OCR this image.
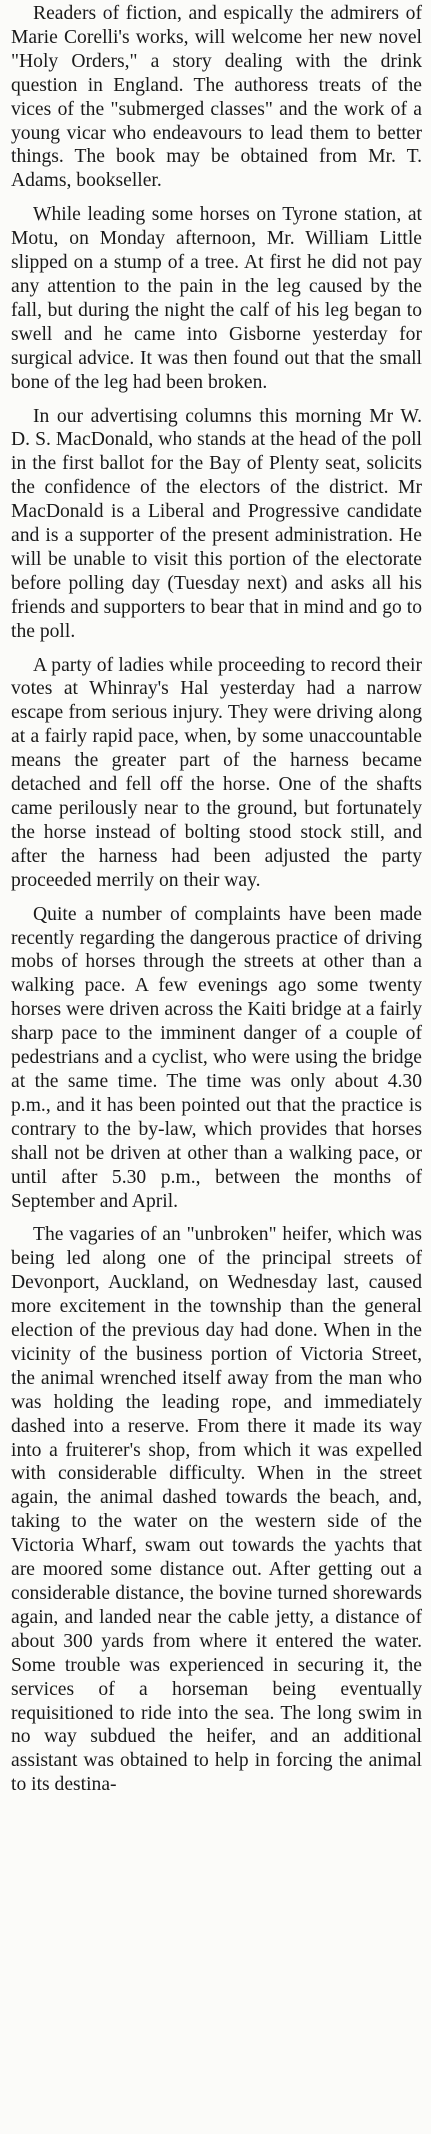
Readers of fiction, and espically the admirers of Marie Corelli's works, will welcome her new novel "Holy Orders," a story dealing with the drink question in England. The authoress treats of the vices of the "submerged classes" and the work of a young vicar who endeavours to lead them to better things. The book may be obtained from Mr. T. Adams, bookseller.

While leading some horses on Tyrone station, at Motu, on Monday afternoon, Mr. William Little slipped on a stump of a tree. At first he did not pay any attention to the pain in the leg caused by the fall, but during the night the calf of his leg began to swell and he came into Gisborne yesterday for surgical advice. It was then found out that the small bone of the leg had been broken.

In our advertising columns this morning Mr W. D. S. MacDonald, who stands at the head of the poll in the first ballot for the Bay of Plenty seat, solicits the confidence of the electors of the district. Mr MacDonald is a Liberal and Progressive candidate and is a supporter of the present administration. He will be unable to visit this portion of the electorate before polling day (Tuesday next) and asks all his friends and supporters to bear that in mind and go to the poll.

A party of ladies while proceeding to record their votes at Whinray's Hal yesterday had a narrow escape from serious injury. They were driving along at a fairly rapid pace, when, by some unaccountable means the greater part of the harness became detached and fell off the horse. One of the shafts came perilously near to the ground, but fortunately the horse instead of bolting stood stock still, and after the harness had been adjusted the party proceeded merrily on their way.

Quite a number of complaints have been made recently regarding the dangerous practice of driving mobs of horses through the streets at other than a walking pace. A few evenings ago some twenty horses were driven across the Kaiti bridge at a fairly sharp pace to the imminent danger of a couple of pedestrians and a cyclist, who were using the bridge at the same time. The time was only about 4.30 p.m., and it has been pointed out that the practice is contrary to the by-law, which provides that horses shall not be driven at other than a walking pace, or until after 5.30 p.m., between the months of September and April.

The vagaries of an "unbroken" heifer, which was being led along one of the principal streets of Devonport, Auckland, on Wednesday last, caused more excitement in the township than the general election of the previous day had done. When in the vicinity of the business portion of Victoria Street, the animal wrenched itself away from the man who was holding the leading rope, and immediately dashed into a reserve. From there it made its way into a fruiterer's shop, from which it was expelled with considerable difficulty. When in the street again, the animal dashed towards the beach, and, taking to the water on the western side of the Victoria Wharf, swam out towards the yachts that are moored some distance out. After getting out a considerable distance, the bovine turned shorewards again, and landed near the cable jetty, a distance of about 300 yards from where it entered the water. Some trouble was experienced in securing it, the services of a horseman being eventually requisitioned to ride into the sea. The long swim in no way subdued the heifer, and an additional assistant was obtained to help in forcing the animal to its destina-
